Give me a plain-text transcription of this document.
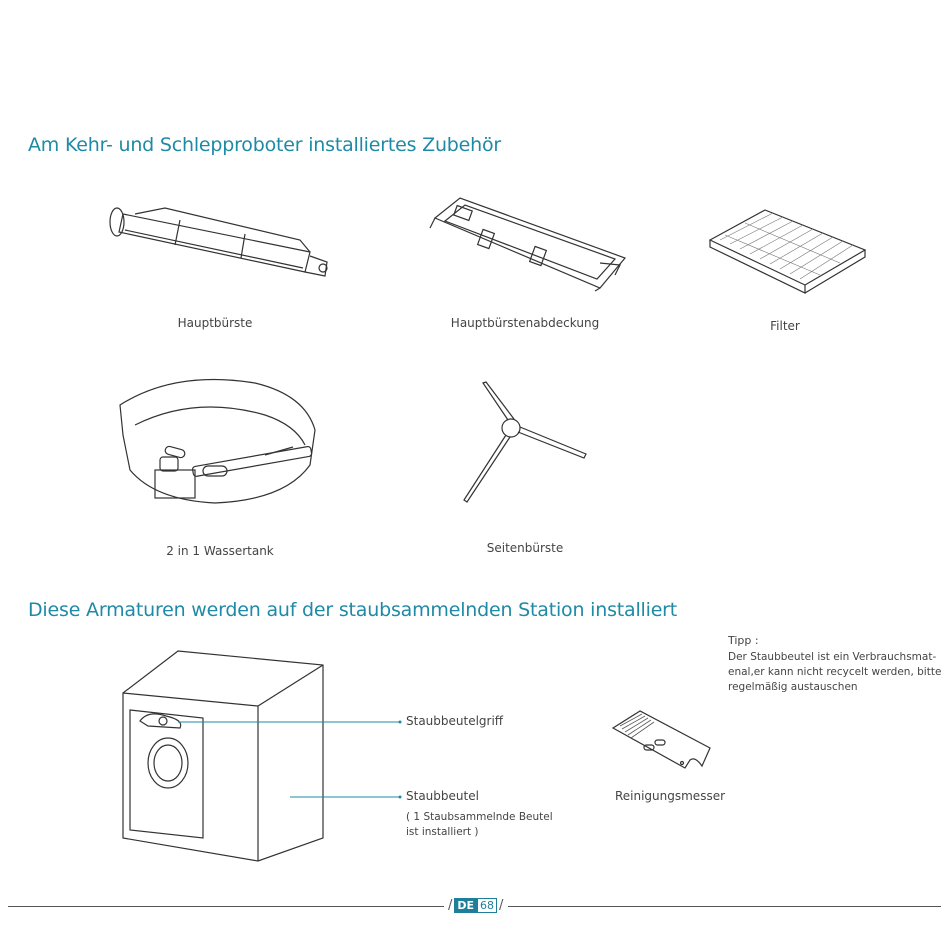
Am Kehr- und Schlepproboter installiertes Zubehör
Hauptbürste	Hauptbürstenabdeckung	Filter
2 in 1 Wassertank	Seitenbürste
Diese Armaturen werden auf der staubsammelnden Station installiert
Tipp :
Der Staubbeutel ist ein Verbrauchsmat-
enal,er kann nicht recycelt werden, bitte
regelmäßig austauschen
Staubbeutelgriff
Staubbeutel
( 1 Staubsammelnde Beutel
ist installiert )
Reinigungsmesser
/ DE 68 /
